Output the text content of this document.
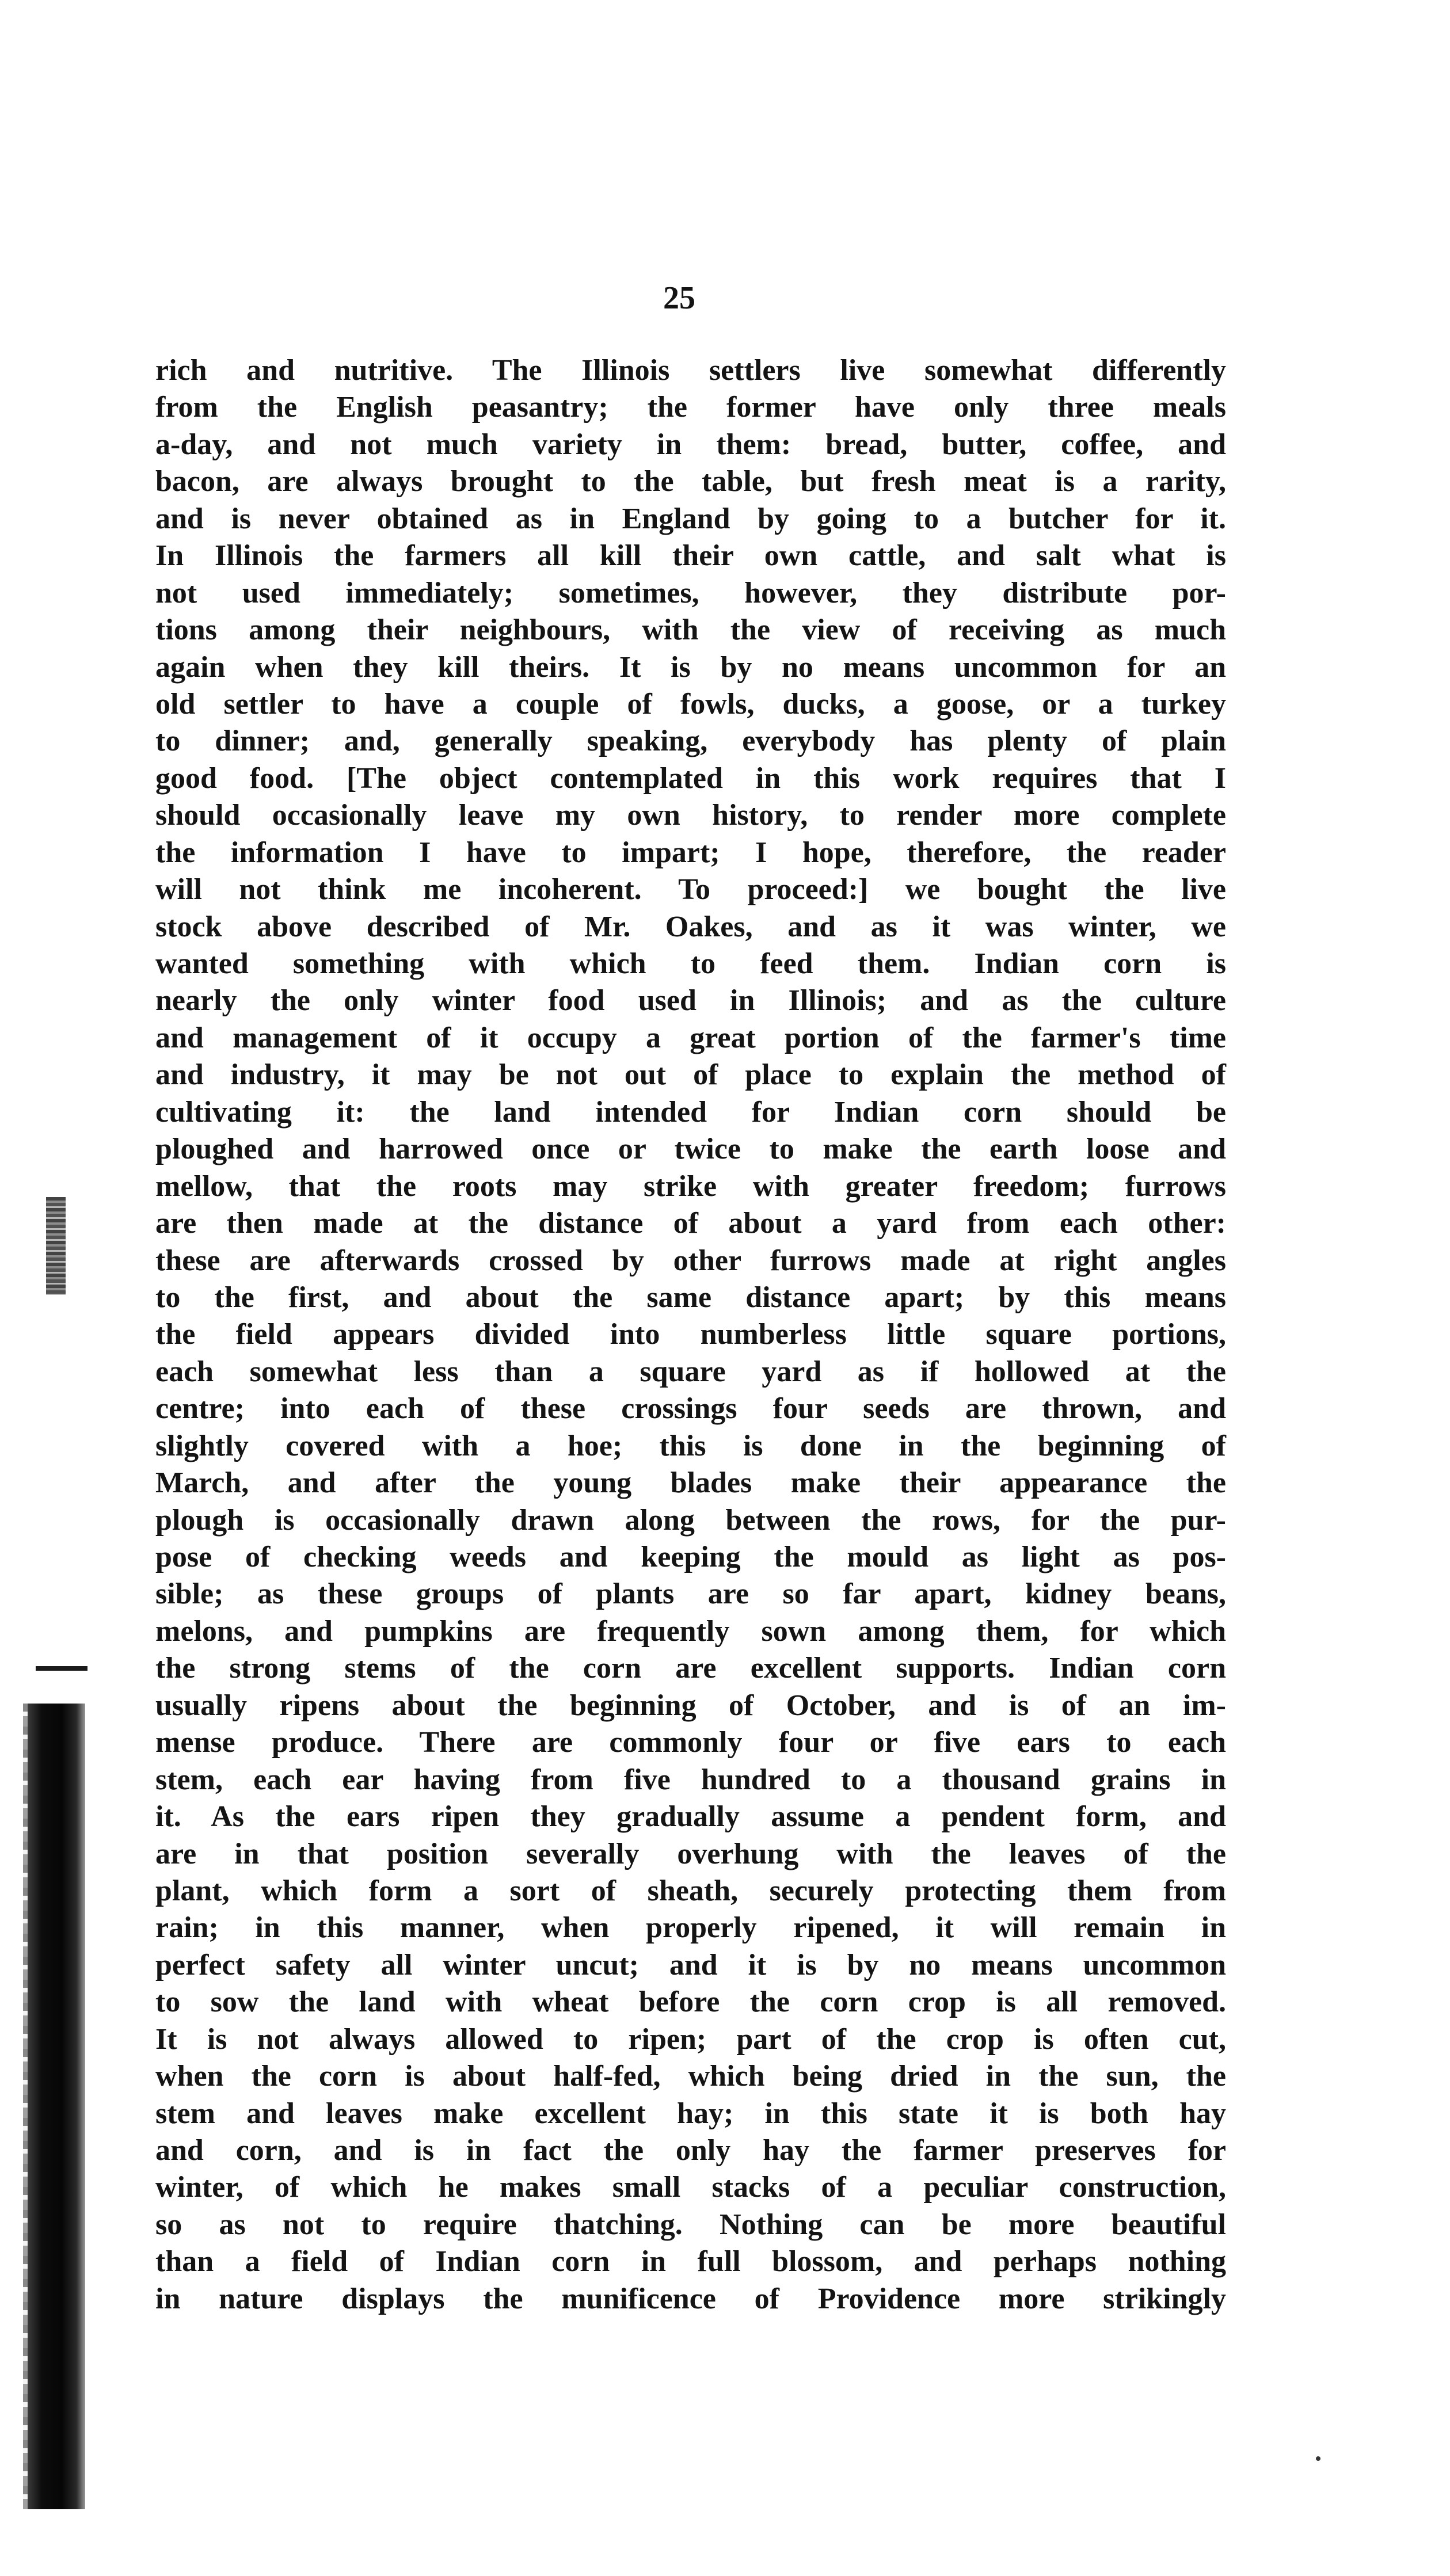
25
rich and nutritive. The Illinois settlers live somewhat differently
from the English peasantry; the former have only three meals
a-day, and not much variety in them: bread, butter, coffee, and
bacon, are always brought to the table, but fresh meat is a rarity,
and is never obtained as in England by going to a butcher for it.
In Illinois the farmers all kill their own cattle, and salt what is
not used immediately; sometimes, however, they distribute por-
tions among their neighbours, with the view of receiving as much
again when they kill theirs. It is by no means uncommon for an
old settler to have a couple of fowls, ducks, a goose, or a turkey
to dinner; and, generally speaking, everybody has plenty of plain
good food. [The object contemplated in this work requires that I
should occasionally leave my own history, to render more complete
the information I have to impart; I hope, therefore, the reader
will not think me incoherent. To proceed:] we bought the live
stock above described of Mr. Oakes, and as it was winter, we
wanted something with which to feed them. Indian corn is
nearly the only winter food used in Illinois; and as the culture
and management of it occupy a great portion of the farmer's time
and industry, it may be not out of place to explain the method of
cultivating it: the land intended for Indian corn should be
ploughed and harrowed once or twice to make the earth loose and
mellow, that the roots may strike with greater freedom; furrows
are then made at the distance of about a yard from each other:
these are afterwards crossed by other furrows made at right angles
to the first, and about the same distance apart; by this means
the field appears divided into numberless little square portions,
each somewhat less than a square yard as if hollowed at the
centre; into each of these crossings four seeds are thrown, and
slightly covered with a hoe; this is done in the beginning of
March, and after the young blades make their appearance the
plough is occasionally drawn along between the rows, for the pur-
pose of checking weeds and keeping the mould as light as pos-
sible; as these groups of plants are so far apart, kidney beans,
melons, and pumpkins are frequently sown among them, for which
the strong stems of the corn are excellent supports. Indian corn
usually ripens about the beginning of October, and is of an im-
mense produce. There are commonly four or five ears to each
stem, each ear having from five hundred to a thousand grains in
it. As the ears ripen they gradually assume a pendent form, and
are in that position severally overhung with the leaves of the
plant, which form a sort of sheath, securely protecting them from
rain; in this manner, when properly ripened, it will remain in
perfect safety all winter uncut; and it is by no means uncommon
to sow the land with wheat before the corn crop is all removed.
It is not always allowed to ripen; part of the crop is often cut,
when the corn is about half-fed, which being dried in the sun, the
stem and leaves make excellent hay; in this state it is both hay
and corn, and is in fact the only hay the farmer preserves for
winter, of which he makes small stacks of a peculiar construction,
so as not to require thatching. Nothing can be more beautiful
than a field of Indian corn in full blossom, and perhaps nothing
in nature displays the munificence of Providence more strikingly
